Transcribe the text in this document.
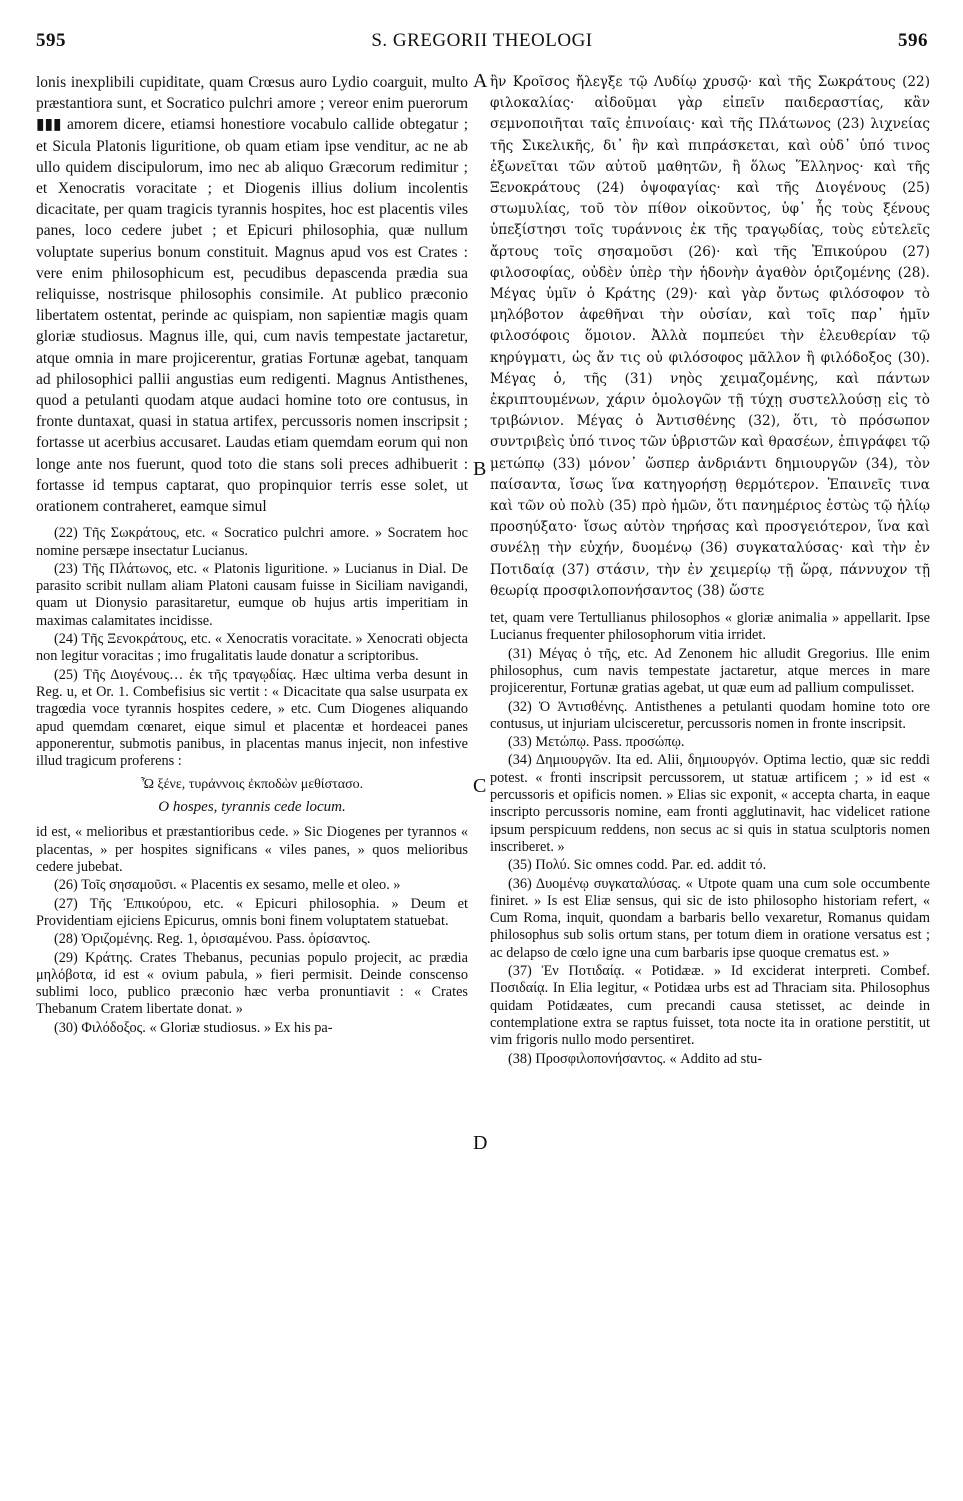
595	S. GREGORII THEOLOGI	596
A
B
C
D

lonis inexplibili cupiditate, quam Crœsus auro Lydio coarguit, multo præstantiora sunt, et Socratico pulchri amore ; vereor enim puerorum ▮▮▮ amorem dicere, etiamsi honestiore vocabulo callide obtegatur ; et Sicula Platonis liguritione, ob quam etiam ipse venditur, ac ne ab ullo quidem discipulorum, imo nec ab aliquo Græcorum redimitur ; et Xenocratis voracitate ; et Diogenis illius dolium incolentis dicacitate, per quam tragicis tyrannis hospites, hoc est placentis viles panes, loco cedere jubet ; et Epicuri philosophia, quæ nullum voluptate superius bonum constituit. Magnus apud vos est Crates : vere enim philosophicum est, pecudibus depascenda prædia sua reliquisse, nostrisque philosophis consimile. At publico præconio libertatem ostentat, perinde ac quispiam, non sapientiæ magis quam gloriæ studiosus. Magnus ille, qui, cum navis tempestate jactaretur, atque omnia in mare projicerentur, gratias Fortunæ agebat, tanquam ad philosophici pallii angustias eum redigenti. Magnus Antisthenes, quod a petulanti quodam atque audaci homine toto ore contusus, in fronte duntaxat, quasi in statua artifex, percussoris nomen inscripsit ; fortasse ut acerbius accusaret. Laudas etiam quemdam eorum qui non longe ante nos fuerunt, quod toto die stans soli preces adhibuerit : fortasse id tempus captarat, quo propinquior terris esse solet, ut orationem contraheret, eamque simul

(22) Τῆς Σωκράτους, etc. « Socratico pulchri amore. » Socratem hoc nomine persæpe insectatur Lucianus.

(23) Τῆς Πλάτωνος, etc. « Platonis liguritione. » Lucianus in Dial. De parasito scribit nullam aliam Platoni causam fuisse in Siciliam navigandi, quam ut Dionysio parasitaretur, eumque ob hujus artis imperitiam in maximas calamitates incidisse.

(24) Τῆς Ξενοκράτους, etc. « Xenocratis voracitate. » Xenocrati objecta non legitur voracitas ; imo frugalitatis laude donatur a scriptoribus.

(25) Τῆς Διογένους… ἐκ τῆς τραγῳδίας. Hæc ultima verba desunt in Reg. u, et Or. 1. Combefisius sic vertit : « Dicacitate qua salse usurpata ex tragœdia voce tyrannis hospites cedere, » etc. Cum Diogenes aliquando apud quemdam cœnaret, eique simul et placentæ et hordeacei panes apponerentur, submotis panibus, in placentas manus injecit, non infestive illud tragicum proferens :

Ὦ ξένε, τυράννοις ἐκποδὼν μεθίστασο.

O hospes, tyrannis cede locum.

id est, « melioribus et præstantioribus cede. » Sic Diogenes per tyrannos « placentas, » per hospites significans « viles panes, » quos melioribus cedere jubebat.

(26) Τοῖς σησαμοῦσι. « Placentis ex sesamo, melle et oleo. »

(27) Τῆς Ἐπικούρου, etc. « Epicuri philosophia. » Deum et Providentiam ejiciens Epicurus, omnis boni finem voluptatem statuebat.

(28) Ὀριζομένης. Reg. 1, ὁρισαμένου. Pass. ὁρίσαντος.

(29) Κράτης. Crates Thebanus, pecunias populo projecit, ac prædia μηλόβοτα, id est « ovium pabula, » fieri permisit. Deinde conscenso sublimi loco, publico præconio hæc verba pronuntiavit : « Crates Thebanum Cratem libertate donat. »

(30) Φιλόδοξος. « Gloriæ studiosus. » Ex his pa-

ἣν Κροῖσος ἤλεγξε τῷ Λυδίῳ χρυσῷ· καὶ τῆς Σωκράτους (22) φιλοκαλίας· αἰδοῦμαι γὰρ εἰπεῖν παιδεραστίας, κἂν σεμνοποιῆται ταῖς ἐπινοίαις· καὶ τῆς Πλάτωνος (23) λιχνείας τῆς Σικελικῆς, δι᾽ ἣν καὶ πιπράσκεται, καὶ οὐδ᾽ ὑπό τινος ἐξωνεῖται τῶν αὐτοῦ μαθητῶν, ἢ ὅλως Ἕλληνος· καὶ τῆς Ξενοκράτους (24) ὀψοφαγίας· καὶ τῆς Διογένους (25) στωμυλίας, τοῦ τὸν πίθον οἰκοῦντος, ὑφ᾽ ἧς τοὺς ξένους ὑπεξίστησι τοῖς τυράννοις ἐκ τῆς τραγῳδίας, τοὺς εὐτελεῖς ἄρτους τοῖς σησαμοῦσι (26)· καὶ τῆς Ἐπικούρου (27) φιλοσοφίας, οὐδὲν ὑπὲρ τὴν ἡδονὴν ἀγαθὸν ὁριζομένης (28). Μέγας ὑμῖν ὁ Κράτης (29)· καὶ γὰρ ὄντως φιλόσοφον τὸ μηλόβοτον ἀφεθῆναι τὴν οὐσίαν, καὶ τοῖς παρ᾽ ἡμῖν φιλοσόφοις ὅμοιον. Ἀλλὰ πομπεύει τὴν ἐλευθερίαν τῷ κηρύγματι, ὡς ἄν τις οὐ φιλόσοφος μᾶλλον ἢ φιλόδοξος (30). Μέγας ὁ, τῆς (31) νηὸς χειμαζομένης, καὶ πάντων ἐκριπτουμένων, χάριν ὁμολογῶν τῇ τύχῃ συστελλούσῃ εἰς τὸ τριβώνιον. Μέγας ὁ Ἀντισθένης (32), ὅτι, τὸ πρόσωπον συντριβεὶς ὑπό τινος τῶν ὑβριστῶν καὶ θρασέων, ἐπιγράφει τῷ μετώπῳ (33) μόνον᾽ ὥσπερ ἀνδριάντι δημιουργῶν (34), τὸν παίσαντα, ἴσως ἵνα κατηγορήσῃ θερμότερον. Ἐπαινεῖς τινα καὶ τῶν οὐ πολὺ (35) πρὸ ἡμῶν, ὅτι πανημέριος ἑστὼς τῷ ἡλίῳ προσηύξατο· ἴσως αὐτὸν τηρήσας καὶ προσγειότερον, ἵνα καὶ συνέλῃ τὴν εὐχήν, δυομένῳ (36) συγκαταλύσας· καὶ τὴν ἐν Ποτιδαίᾳ (37) στάσιν, τὴν ἐν χειμερίῳ τῇ ὥρᾳ, πάννυχον τῇ θεωρίᾳ προσφιλοπονήσαντος (38) ὥστε

tet, quam vere Tertullianus philosophos « gloriæ animalia » appellarit. Ipse Lucianus frequenter philosophorum vitia irridet.

(31) Μέγας ὁ τῆς, etc. Ad Zenonem hic alludit Gregorius. Ille enim philosophus, cum navis tempestate jactaretur, atque merces in mare projicerentur, Fortunæ gratias agebat, ut quæ eum ad pallium compulisset.

(32) Ὁ Ἀντισθένης. Antisthenes a petulanti quodam homine toto ore contusus, ut injuriam ulcisceretur, percussoris nomen in fronte inscripsit.

(33) Μετώπῳ. Pass. προσώπῳ.

(34) Δημιουργῶν. Ita ed. Alii, δημιουργόν. Optima lectio, quæ sic reddi potest. « fronti inscripsit percussorem, ut statuæ artificem ; » id est « percussoris et opificis nomen. » Elias sic exponit, « accepta charta, in eaque inscripto percussoris nomine, eam fronti agglutinavit, hac videlicet ratione ipsum perspicuum reddens, non secus ac si quis in statua sculptoris nomen inscriberet. »

(35) Πολύ. Sic omnes codd. Par. ed. addit τό.

(36) Δυομένῳ συγκαταλύσας. « Utpote quam una cum sole occumbente finiret. » Is est Eliæ sensus, qui sic de isto philosopho historiam refert, « Cum Roma, inquit, quondam a barbaris bello vexaretur, Romanus quidam philosophus sub solis ortum stans, per totum diem in oratione versatus est ; ac delapso de cœlo igne una cum barbaris ipse quoque crematus est. »

(37) Ἐν Ποτιδαίᾳ. « Potidææ. » Id exciderat interpreti. Combef. Ποσιδαίᾳ. In Elia legitur, « Potidæa urbs est ad Thraciam sita. Philosophus quidam Potidæates, cum precandi causa stetisset, ac deinde in contemplatione extra se raptus fuisset, tota nocte ita in oratione perstitit, ut vim frigoris nullo modo persentiret.

(38) Προσφιλοπονήσαντος. « Addito ad stu-
